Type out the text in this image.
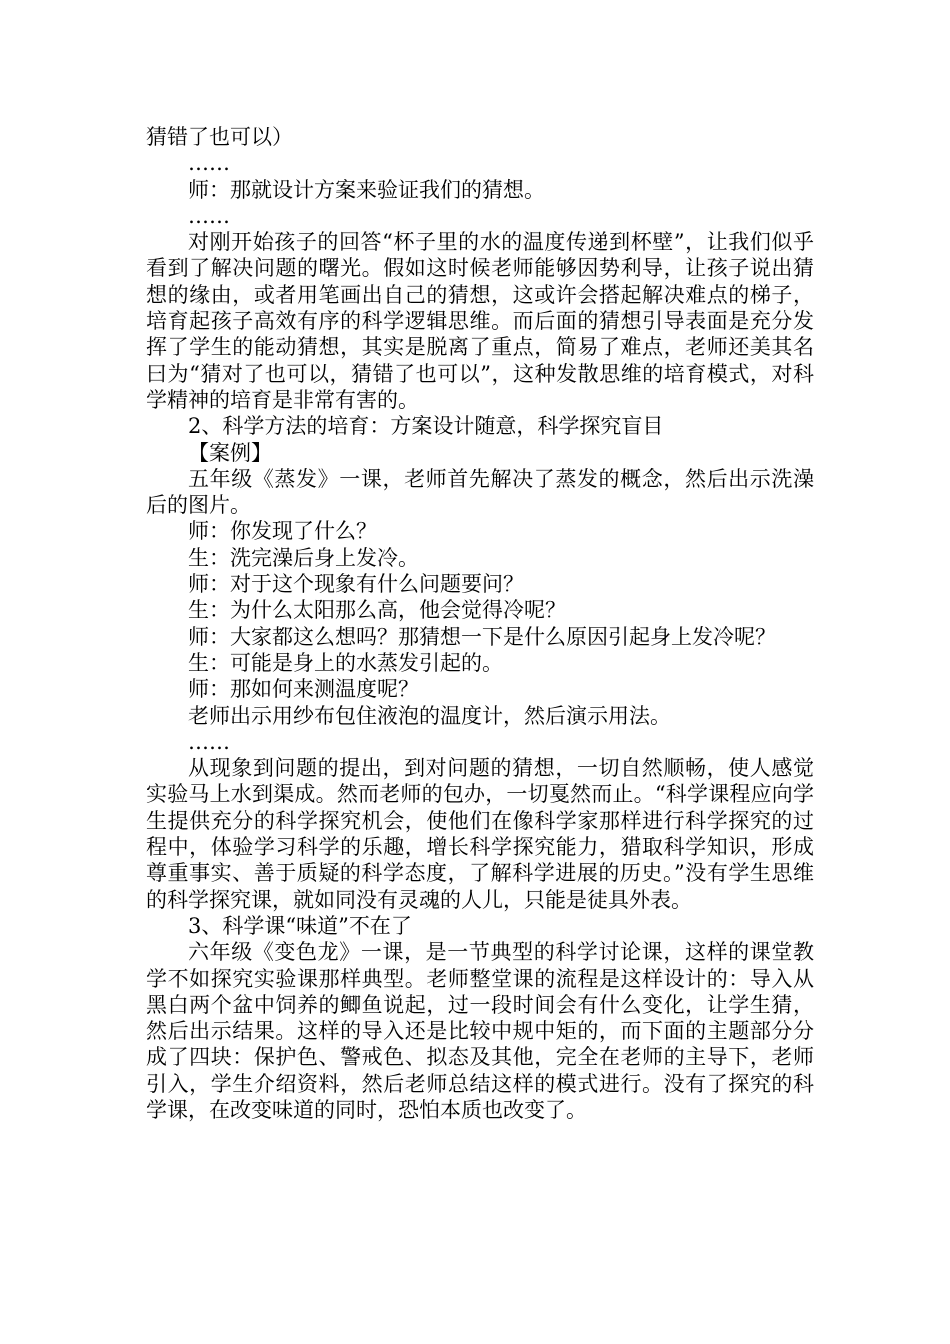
猜错了也可以）

……

师：那就设计方案来验证我们的猜想。

……

对刚开始孩子的回答“杯子里的水的温度传递到杯壁”，让我们似乎看到了解决问题的曙光。假如这时候老师能够因势利导，让孩子说出猜想的缘由，或者用笔画出自己的猜想，这或许会搭起解决难点的梯子，培育起孩子高效有序的科学逻辑思维。而后面的猜想引导表面是充分发挥了学生的能动猜想，其实是脱离了重点，简易了难点，老师还美其名曰为“猜对了也可以，猜错了也可以”，这种发散思维的培育模式，对科学精神的培育是非常有害的。

2、科学方法的培育：方案设计随意，科学探究盲目

【案例】

五年级《蒸发》一课，老师首先解决了蒸发的概念，然后出示洗澡后的图片。

师：你发现了什么？

生：洗完澡后身上发冷。

师：对于这个现象有什么问题要问？

生：为什么太阳那么高，他会觉得冷呢？

师：大家都这么想吗？那猜想一下是什么原因引起身上发冷呢？

生：可能是身上的水蒸发引起的。

师：那如何来测温度呢？

老师出示用纱布包住液泡的温度计，然后演示用法。

……

从现象到问题的提出，到对问题的猜想，一切自然顺畅，使人感觉实验马上水到渠成。然而老师的包办，一切戛然而止。“科学课程应向学生提供充分的科学探究机会，使他们在像科学家那样进行科学探究的过程中，体验学习科学的乐趣，增长科学探究能力，猎取科学知识，形成尊重事实、善于质疑的科学态度，了解科学进展的历史。”没有学生思维的科学探究课，就如同没有灵魂的人儿，只能是徒具外表。

3、科学课“味道”不在了

六年级《变色龙》一课，是一节典型的科学讨论课，这样的课堂教学不如探究实验课那样典型。老师整堂课的流程是这样设计的：导入从黑白两个盆中饲养的鲫鱼说起，过一段时间会有什么变化，让学生猜，然后出示结果。这样的导入还是比较中规中矩的，而下面的主题部分分成了四块：保护色、警戒色、拟态及其他，完全在老师的主导下，老师引入，学生介绍资料，然后老师总结这样的模式进行。没有了探究的科学课，在改变味道的同时，恐怕本质也改变了。
